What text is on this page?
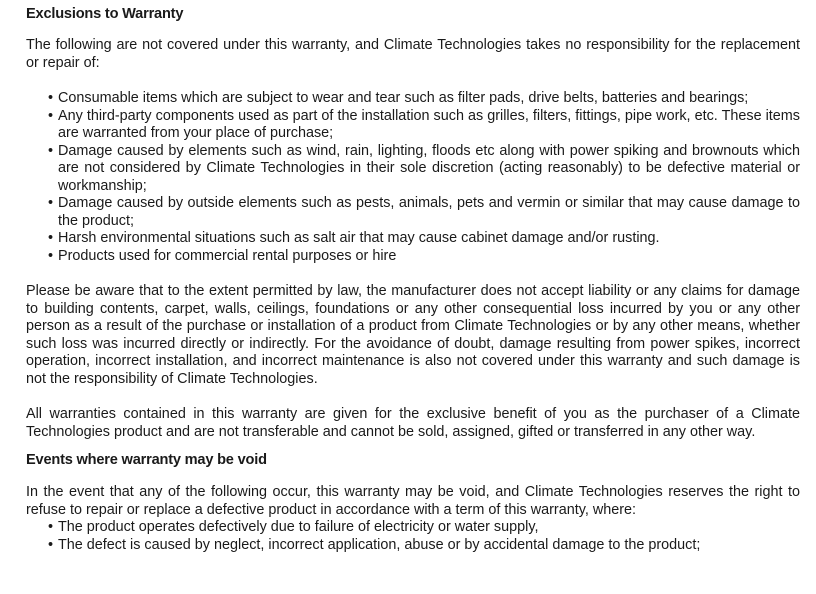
Exclusions to Warranty

The following are not covered under this warranty, and Climate Technologies takes no responsibility for the replacement or repair of:

• Consumable items which are subject to wear and tear such as filter pads, drive belts, batteries and bearings;
• Any third-party components used as part of the installation such as grilles, filters, fittings, pipe work, etc. These items are warranted from your place of purchase;
• Damage caused by elements such as wind, rain, lighting, floods etc along with power spiking and brownouts which are not considered by Climate Technologies in their sole discretion (acting reasonably) to be defective material or workmanship;
• Damage caused by outside elements such as pests, animals, pets and vermin or similar that may cause damage to the product;
• Harsh environmental situations such as salt air that may cause cabinet damage and/or rusting.
• Products used for commercial rental purposes or hire

Please be aware that to the extent permitted by law, the manufacturer does not accept liability or any claims for damage to building contents, carpet, walls, ceilings, foundations or any other consequential loss incurred by you or any other person as a result of the purchase or installation of a product from Climate Technologies or by any other means, whether such loss was incurred directly or indirectly. For the avoidance of doubt, damage resulting from power spikes, incorrect operation, incorrect installation, and incorrect maintenance is also not covered under this warranty and such damage is not the responsibility of Climate Technologies.

All warranties contained in this warranty are given for the exclusive benefit of you as the purchaser of a Climate Technologies product and are not transferable and cannot be sold, assigned, gifted or transferred in any other way.

Events where warranty may be void

In the event that any of the following occur, this warranty may be void, and Climate Technologies reserves the right to refuse to repair or replace a defective product in accordance with a term of this warranty, where:

• The product operates defectively due to failure of electricity or water supply,
• The defect is caused by neglect, incorrect application, abuse or by accidental damage to the product;
